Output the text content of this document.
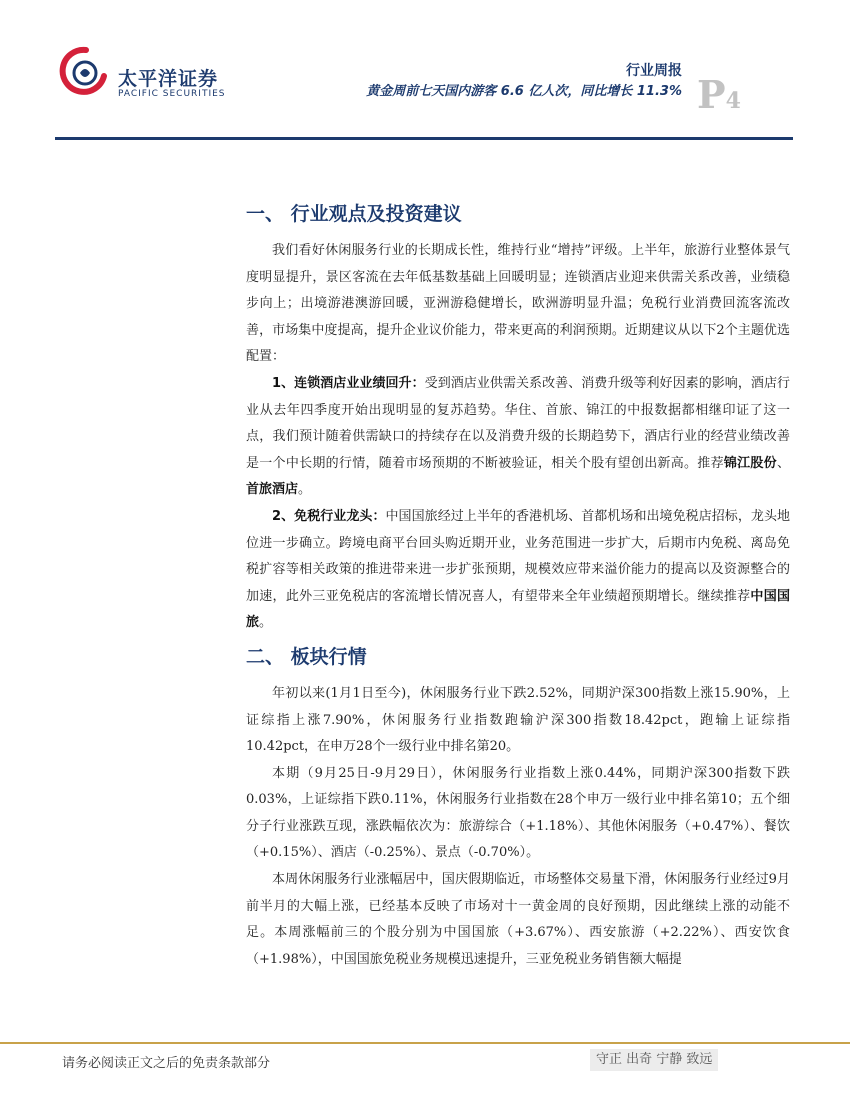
太平洋证券
PACIFIC SECURITIES
行业周报
黄金周前七天国内游客 6.6 亿人次，同比增长 11.3% P4
一、 行业观点及投资建议

我们看好休闲服务行业的长期成长性，维持行业“增持”评级。上半年，旅游行业整体景气度明显提升，景区客流在去年低基数基础上回暖明显；连锁酒店业迎来供需关系改善，业绩稳步向上；出境游港澳游回暖，亚洲游稳健增长，欧洲游明显升温；免税行业消费回流客流改善，市场集中度提高，提升企业议价能力，带来更高的利润预期。近期建议从以下2个主题优选配置：

1、连锁酒店业业绩回升：受到酒店业供需关系改善、消费升级等利好因素的影响，酒店行业从去年四季度开始出现明显的复苏趋势。华住、首旅、锦江的中报数据都相继印证了这一点，我们预计随着供需缺口的持续存在以及消费升级的长期趋势下，酒店行业的经营业绩改善是一个中长期的行情，随着市场预期的不断被验证，相关个股有望创出新高。推荐锦江股份、首旅酒店。

2、免税行业龙头：中国国旅经过上半年的香港机场、首都机场和出境免税店招标，龙头地位进一步确立。跨境电商平台回头购近期开业，业务范围进一步扩大，后期市内免税、离岛免税扩容等相关政策的推进带来进一步扩张预期，规模效应带来溢价能力的提高以及资源整合的加速，此外三亚免税店的客流增长情况喜人，有望带来全年业绩超预期增长。继续推荐中国国旅。

二、 板块行情

年初以来(1月1日至今)，休闲服务行业下跌2.52%，同期沪深300指数上涨15.90%，上证综指上涨7.90%，休闲服务行业指数跑输沪深300指数18.42pct，跑输上证综指10.42pct，在申万28个一级行业中排名第20。

本期（9月25日-9月29日），休闲服务行业指数上涨0.44%，同期沪深300指数下跌0.03%，上证综指下跌0.11%，休闲服务行业指数在28个申万一级行业中排名第10；五个细分子行业涨跌互现，涨跌幅依次为：旅游综合（+1.18%）、其他休闲服务（+0.47%）、餐饮（+0.15%）、酒店（-0.25%）、景点（-0.70%）。

本周休闲服务行业涨幅居中，国庆假期临近，市场整体交易量下滑，休闲服务行业经过9月前半月的大幅上涨，已经基本反映了市场对十一黄金周的良好预期，因此继续上涨的动能不足。本周涨幅前三的个股分别为中国国旅（+3.67%）、西安旅游（+2.22%）、西安饮食（+1.98%），中国国旅免税业务规模迅速提升，三亚免税业务销售额大幅提

请务必阅读正文之后的免责条款部分	守正 出奇 宁静 致远
